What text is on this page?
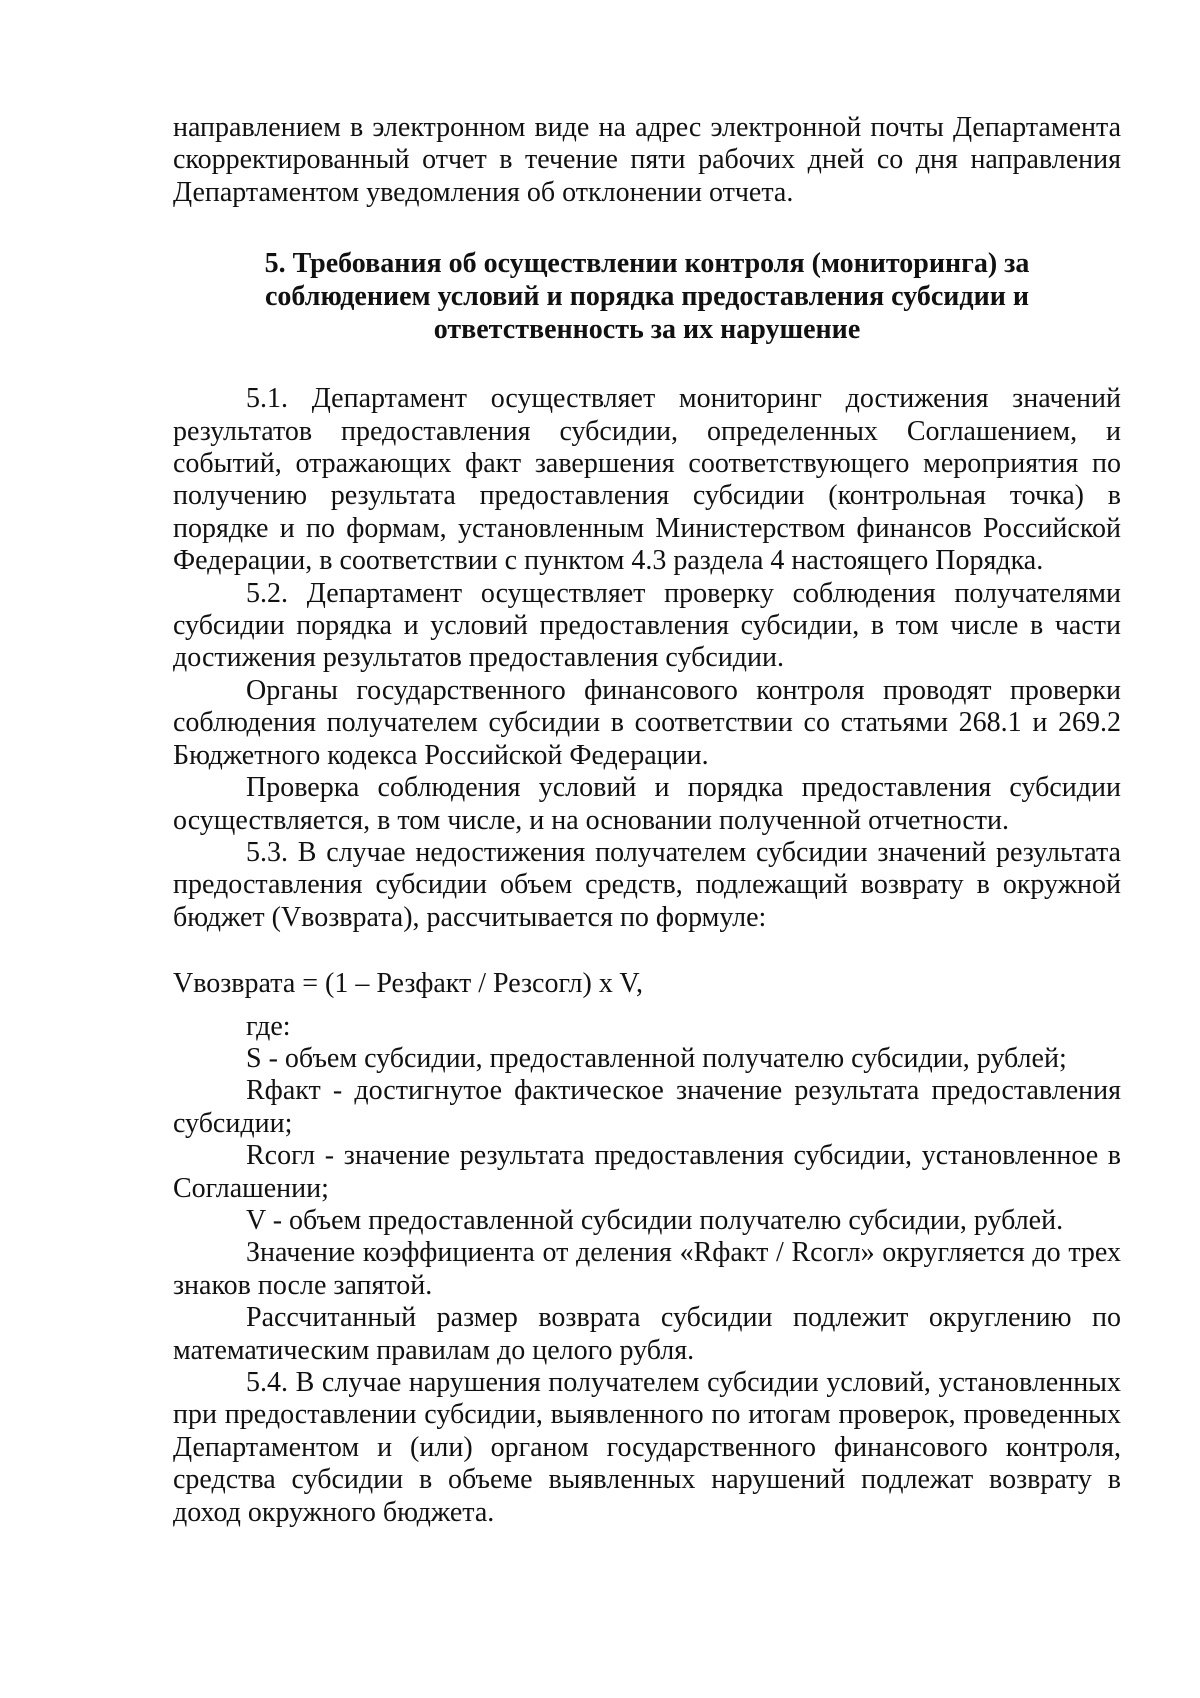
направлением в электронном виде на адрес электронной почты Департамента скорректированный отчет в течение пяти рабочих дней со дня направления Департаментом уведомления об отклонении отчета.

5. Требования об осуществлении контроля (мониторинга) за
соблюдением условий и порядка предоставления субсидии и
ответственность за их нарушение

5.1. Департамент осуществляет мониторинг достижения значений результатов предоставления субсидии, определенных Соглашением, и событий, отражающих факт завершения соответствующего мероприятия по получению результата предоставления субсидии (контрольная точка) в порядке и по формам, установленным Министерством финансов Российской Федерации, в соответствии с пунктом 4.3 раздела 4 настоящего Порядка.

5.2. Департамент осуществляет проверку соблюдения получателями субсидии порядка и условий предоставления субсидии, в том числе в части достижения результатов предоставления субсидии.

Органы государственного финансового контроля проводят проверки соблюдения получателем субсидии в соответствии со статьями 268.1 и 269.2 Бюджетного кодекса Российской Федерации.

Проверка соблюдения условий и порядка предоставления субсидии осуществляется, в том числе, и на основании полученной отчетности.

5.3. В случае недостижения получателем субсидии значений результата предоставления субсидии объем средств, подлежащий возврату в окружной бюджет (Vвозврата), рассчитывается по формуле:

Vвозврата = (1 – Резфакт / Резсогл) x V,

где:

S - объем субсидии, предоставленной получателю субсидии, рублей;

Rфакт - достигнутое фактическое значение результата предоставления субсидии;

Rсогл - значение результата предоставления субсидии, установленное в Соглашении;

V - объем предоставленной субсидии получателю субсидии, рублей.

Значение коэффициента от деления «Rфакт / Rсогл» округляется до трех знаков после запятой.

Рассчитанный размер возврата субсидии подлежит округлению по математическим правилам до целого рубля.

5.4. В случае нарушения получателем субсидии условий, установленных при предоставлении субсидии, выявленного по итогам проверок, проведенных Департаментом и (или) органом государственного финансового контроля, средства субсидии в объеме выявленных нарушений подлежат возврату в доход окружного бюджета.
